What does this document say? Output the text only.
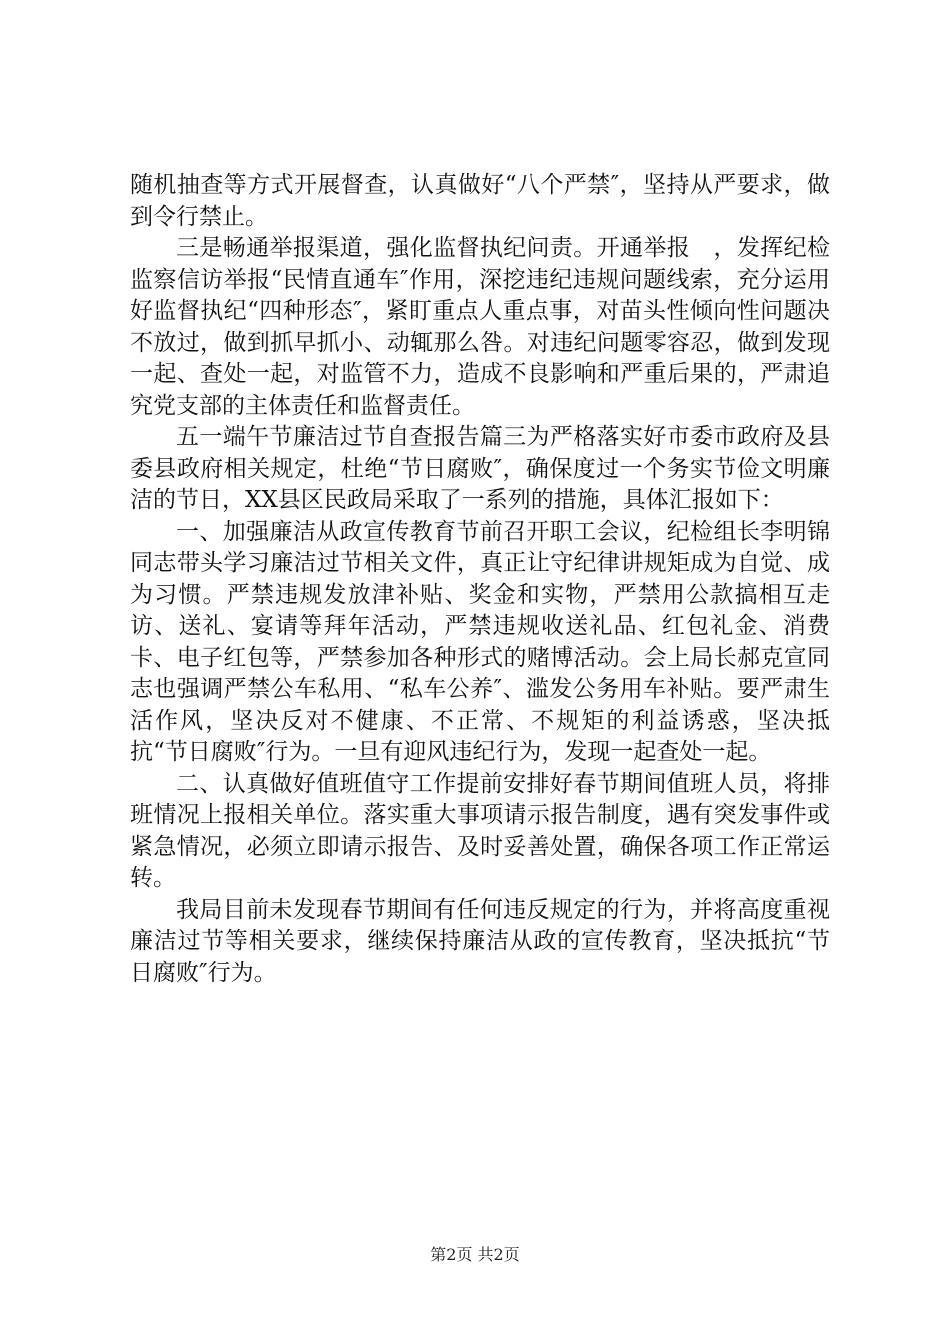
随机抽查等方式开展督查，认真做好“八个严禁″，坚持从严要求，做到令行禁止。

三是畅通举报渠道，强化监督执纪问责。开通举报　，发挥纪检监察信访举报“民情直通车″作用，深挖违纪违规问题线索，充分运用好监督执纪“四种形态″，紧盯重点人重点事，对苗头性倾向性问题决不放过，做到抓早抓小、动辄那么咎。对违纪问题零容忍，做到发现一起、查处一起，对监管不力，造成不良影响和严重后果的，严肃追究党支部的主体责任和监督责任。

五一端午节廉洁过节自查报告篇三为严格落实好市委市政府及县委县政府相关规定，杜绝“节日腐败″，确保度过一个务实节俭文明廉洁的节日，XX县区民政局采取了一系列的措施，具体汇报如下：

一、加强廉洁从政宣传教育节前召开职工会议，纪检组长李明锦同志带头学习廉洁过节相关文件，真正让守纪律讲规矩成为自觉、成为习惯。严禁违规发放津补贴、奖金和实物，严禁用公款搞相互走访、送礼、宴请等拜年活动，严禁违规收送礼品、红包礼金、消费卡、电子红包等，严禁参加各种形式的赌博活动。会上局长郝克宣同志也强调严禁公车私用、“私车公养″、滥发公务用车补贴。要严肃生活作风，坚决反对不健康、不正常、不规矩的利益诱惑，坚决抵抗“节日腐败″行为。一旦有迎风违纪行为，发现一起查处一起。

二、认真做好值班值守工作提前安排好春节期间值班人员，将排班情况上报相关单位。落实重大事项请示报告制度，遇有突发事件或紧急情况，必须立即请示报告、及时妥善处置，确保各项工作正常运转。

我局目前未发现春节期间有任何违反规定的行为，并将高度重视廉洁过节等相关要求，继续保持廉洁从政的宣传教育，坚决抵抗“节日腐败″行为。

第2页 共2页
